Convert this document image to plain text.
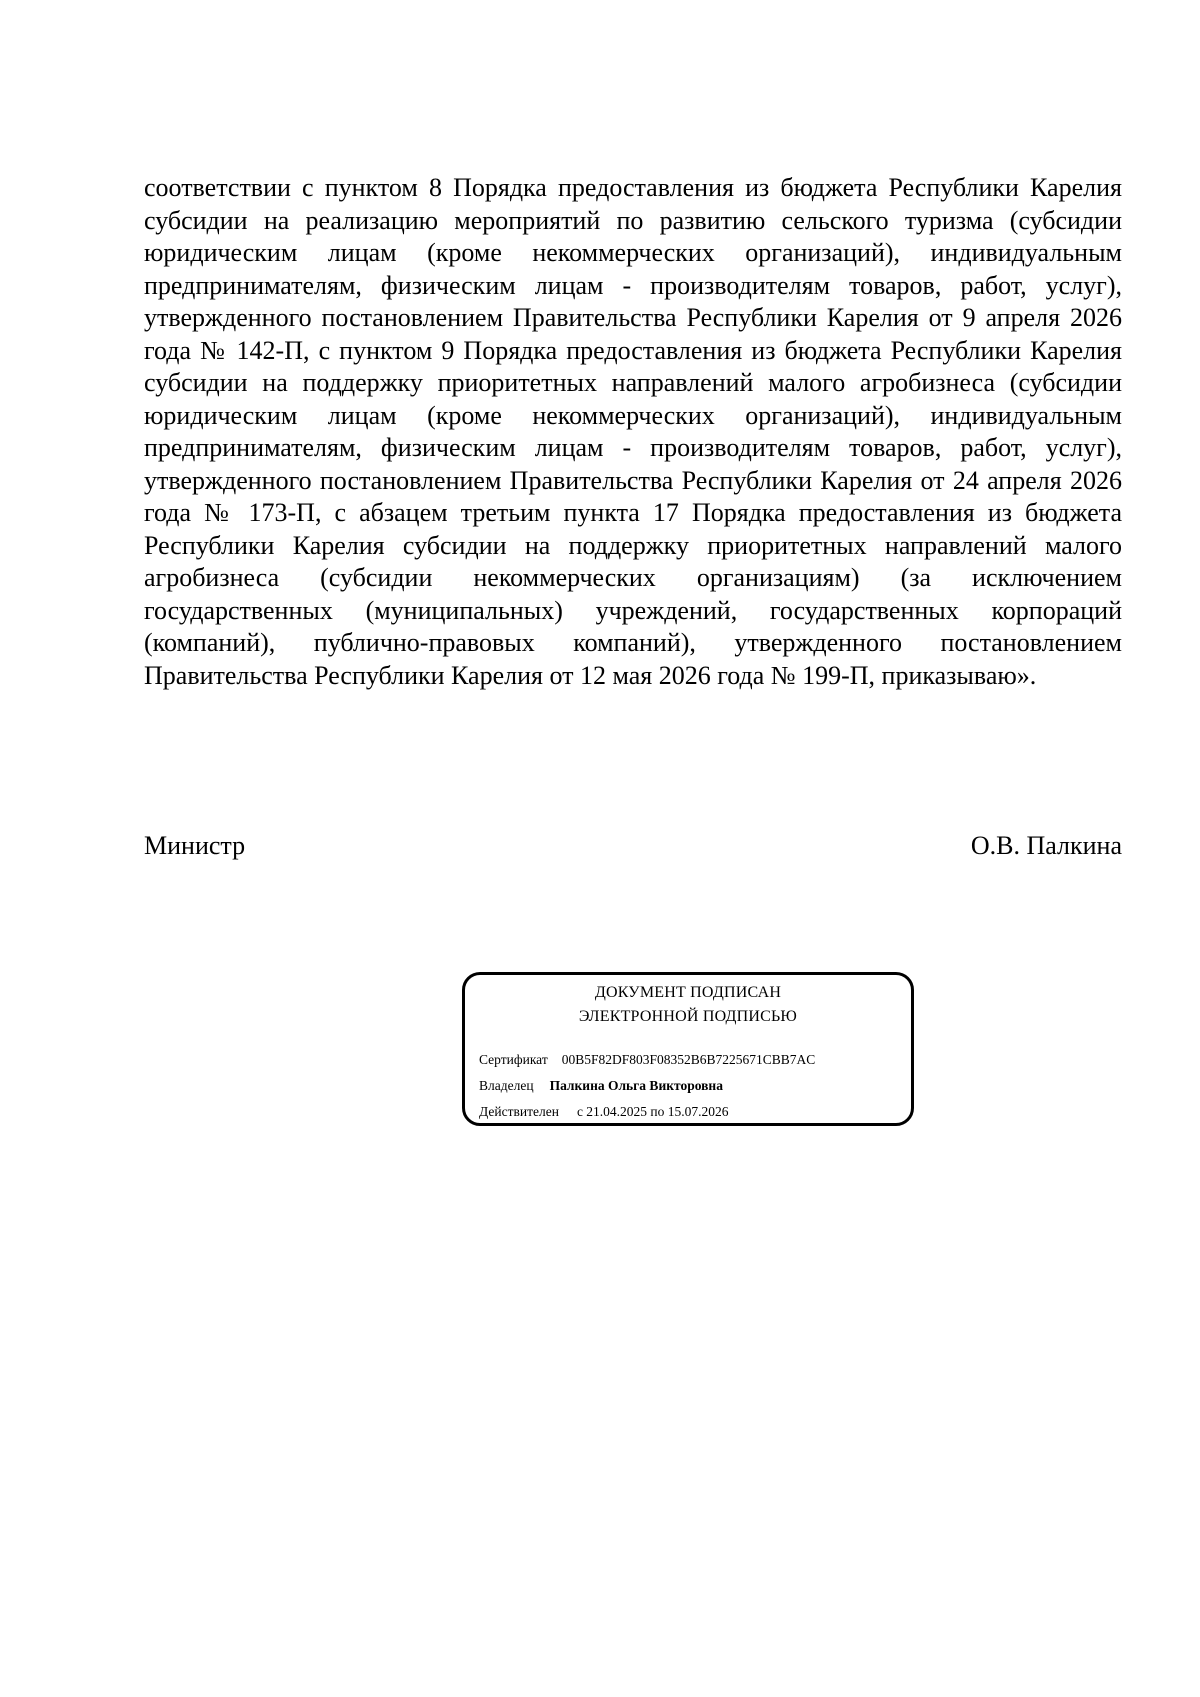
соответствии с пунктом 8 Порядка предоставления из бюджета Республики Карелия субсидии на реализацию мероприятий по развитию сельского туризма (субсидии юридическим лицам (кроме некоммерческих организаций), индивидуальным предпринимателям, физическим лицам - производителям товаров, работ, услуг), утвержденного постановлением Правительства Республики Карелия от 9 апреля 2026 года № 142-П, с пунктом 9 Порядка предоставления из бюджета Республики Карелия субсидии на поддержку приоритетных направлений малого агробизнеса (субсидии юридическим лицам (кроме некоммерческих организаций), индивидуальным предпринимателям, физическим лицам - производителям товаров, работ, услуг), утвержденного постановлением Правительства Республики Карелия от 24 апреля 2026 года № 173-П, с абзацем третьим пункта 17 Порядка предоставления из бюджета Республики Карелия субсидии на поддержку приоритетных направлений малого агробизнеса (субсидии некоммерческих организациям) (за исключением государственных (муниципальных) учреждений, государственных корпораций (компаний), публично-правовых компаний), утвержденного постановлением Правительства Республики Карелия от 12 мая 2026 года № 199-П, приказываю».

Министр	О.В. Палкина
ДОКУМЕНТ ПОДПИСАН
ЭЛЕКТРОННОЙ ПОДПИСЬЮ
Сертификат 00B5F82DF803F08352B6B7225671CBB7AC
Владелец Палкина Ольга Викторовна
Действителен с 21.04.2025 по 15.07.2026
